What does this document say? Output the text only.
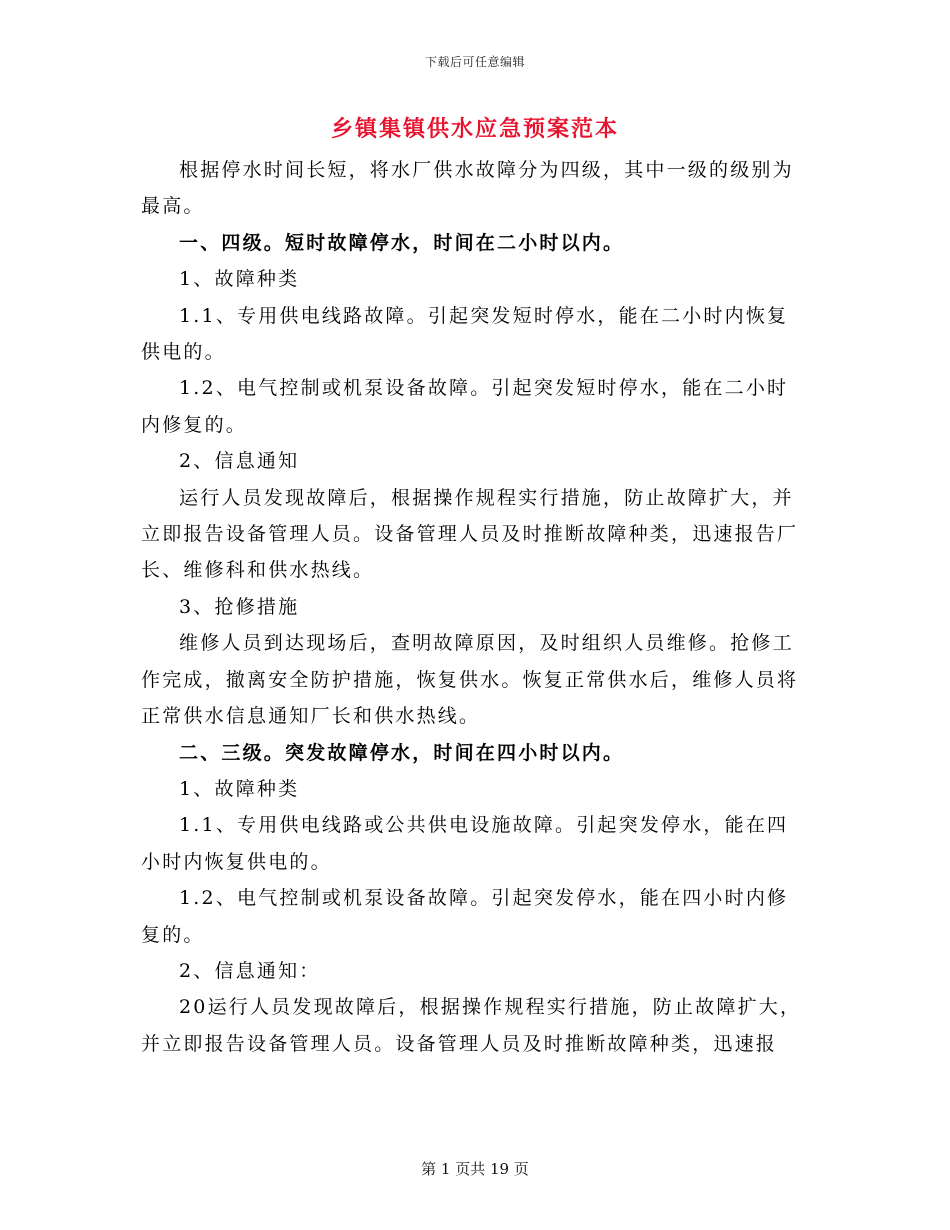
下载后可任意编辑
乡镇集镇供水应急预案范本

根据停水时间长短，将水厂供水故障分为四级，其中一级的级别为最高。

一、四级。短时故障停水，时间在二小时以内。

1、故障种类

1.1、专用供电线路故障。引起突发短时停水，能在二小时内恢复供电的。

1.2、电气控制或机泵设备故障。引起突发短时停水，能在二小时内修复的。

2、信息通知

运行人员发现故障后，根据操作规程实行措施，防止故障扩大，并立即报告设备管理人员。设备管理人员及时推断故障种类，迅速报告厂长、维修科和供水热线。

3、抢修措施

维修人员到达现场后，查明故障原因，及时组织人员维修。抢修工作完成，撤离安全防护措施，恢复供水。恢复正常供水后，维修人员将正常供水信息通知厂长和供水热线。

二、三级。突发故障停水，时间在四小时以内。

1、故障种类

1.1、专用供电线路或公共供电设施故障。引起突发停水，能在四小时内恢复供电的。

1.2、电气控制或机泵设备故障。引起突发停水，能在四小时内修复的。

2、信息通知：

20运行人员发现故障后，根据操作规程实行措施，防止故障扩大，并立即报告设备管理人员。设备管理人员及时推断故障种类，迅速报

第 1 页共 19 页
